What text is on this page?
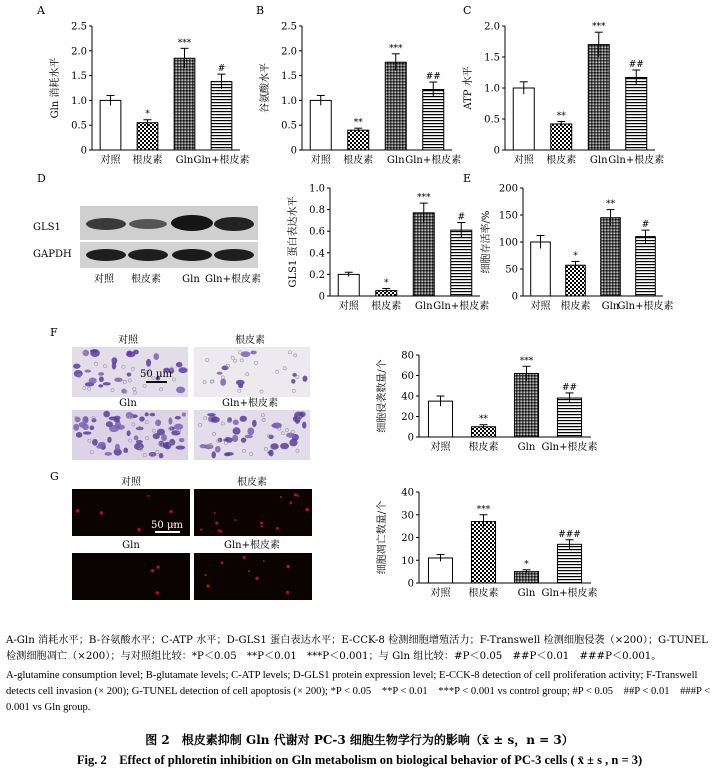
A	B	C
D	E
F
G
0
0.5
1.0
1.5
2.0
2.5
Gln 消耗水平
对照
*
根皮素
***
Gln
#
Gln+根皮素
0
0.5
1.0
1.5
2.0
2.5
谷氨酸水平
对照
**
根皮素
***
Gln
##
Gln+根皮素
0
0.5
1.0
1.5
2.0
ATP 水平
对照
**
根皮素
***
Gln
##
Gln+根皮素
0
0.2
0.4
0.6
0.8
1.0
GLS1 蛋白表达水平
对照
*
根皮素
***
Gln
#
Gln+根皮素
0
50
100
150
200
细胞存活率/%
对照
*
根皮素
**
Gln
#
Gln+根皮素
0
20
40
60
80
细胞侵袭数量/个
对照
**
根皮素
***
Gln
##
Gln+根皮素
0
10
20
30
40
细胞凋亡数量/个
对照
***
根皮素
*
Gln
###
Gln+根皮素
GLS1
GAPDH
对照 根皮素 Gln Gln+根皮素
对照	根皮素
Gln	Gln+根皮素
50 μm
对照	根皮素
Gln	Gln+根皮素
50 μm
A-Gln 消耗水平；B-谷氨酸水平；C-ATP 水平；D-GLS1 蛋白表达水平；E-CCK-8 检测细胞增殖活力；F-Transwell 检测细胞侵袭（×200）；G-TUNEL 检测细胞凋亡（×200）；与对照组比较：*P＜0.05　**P＜0.01　***P＜0.001；与 Gln 组比较：#P＜0.05　##P＜0.01　###P＜0.001。
A-glutamine consumption level; B-glutamate levels; C-ATP levels; D-GLS1 protein expression level; E-CCK-8 detection of cell proliferation activity; F-Transwell detects cell invasion (× 200); G-TUNEL detection of cell apoptosis (× 200); *P < 0.05　**P < 0.01　***P < 0.001 vs control group; #P < 0.05　##P < 0.01　###P < 0.001 vs Gln group.
图 2　根皮素抑制 Gln 代谢对 PC-3 细胞生物学行为的影响（x̄ ± s，n = 3）
Fig. 2　Effect of phloretin inhibition on Gln metabolism on biological behavior of PC-3 cells ( x̄ ± s , n = 3)
